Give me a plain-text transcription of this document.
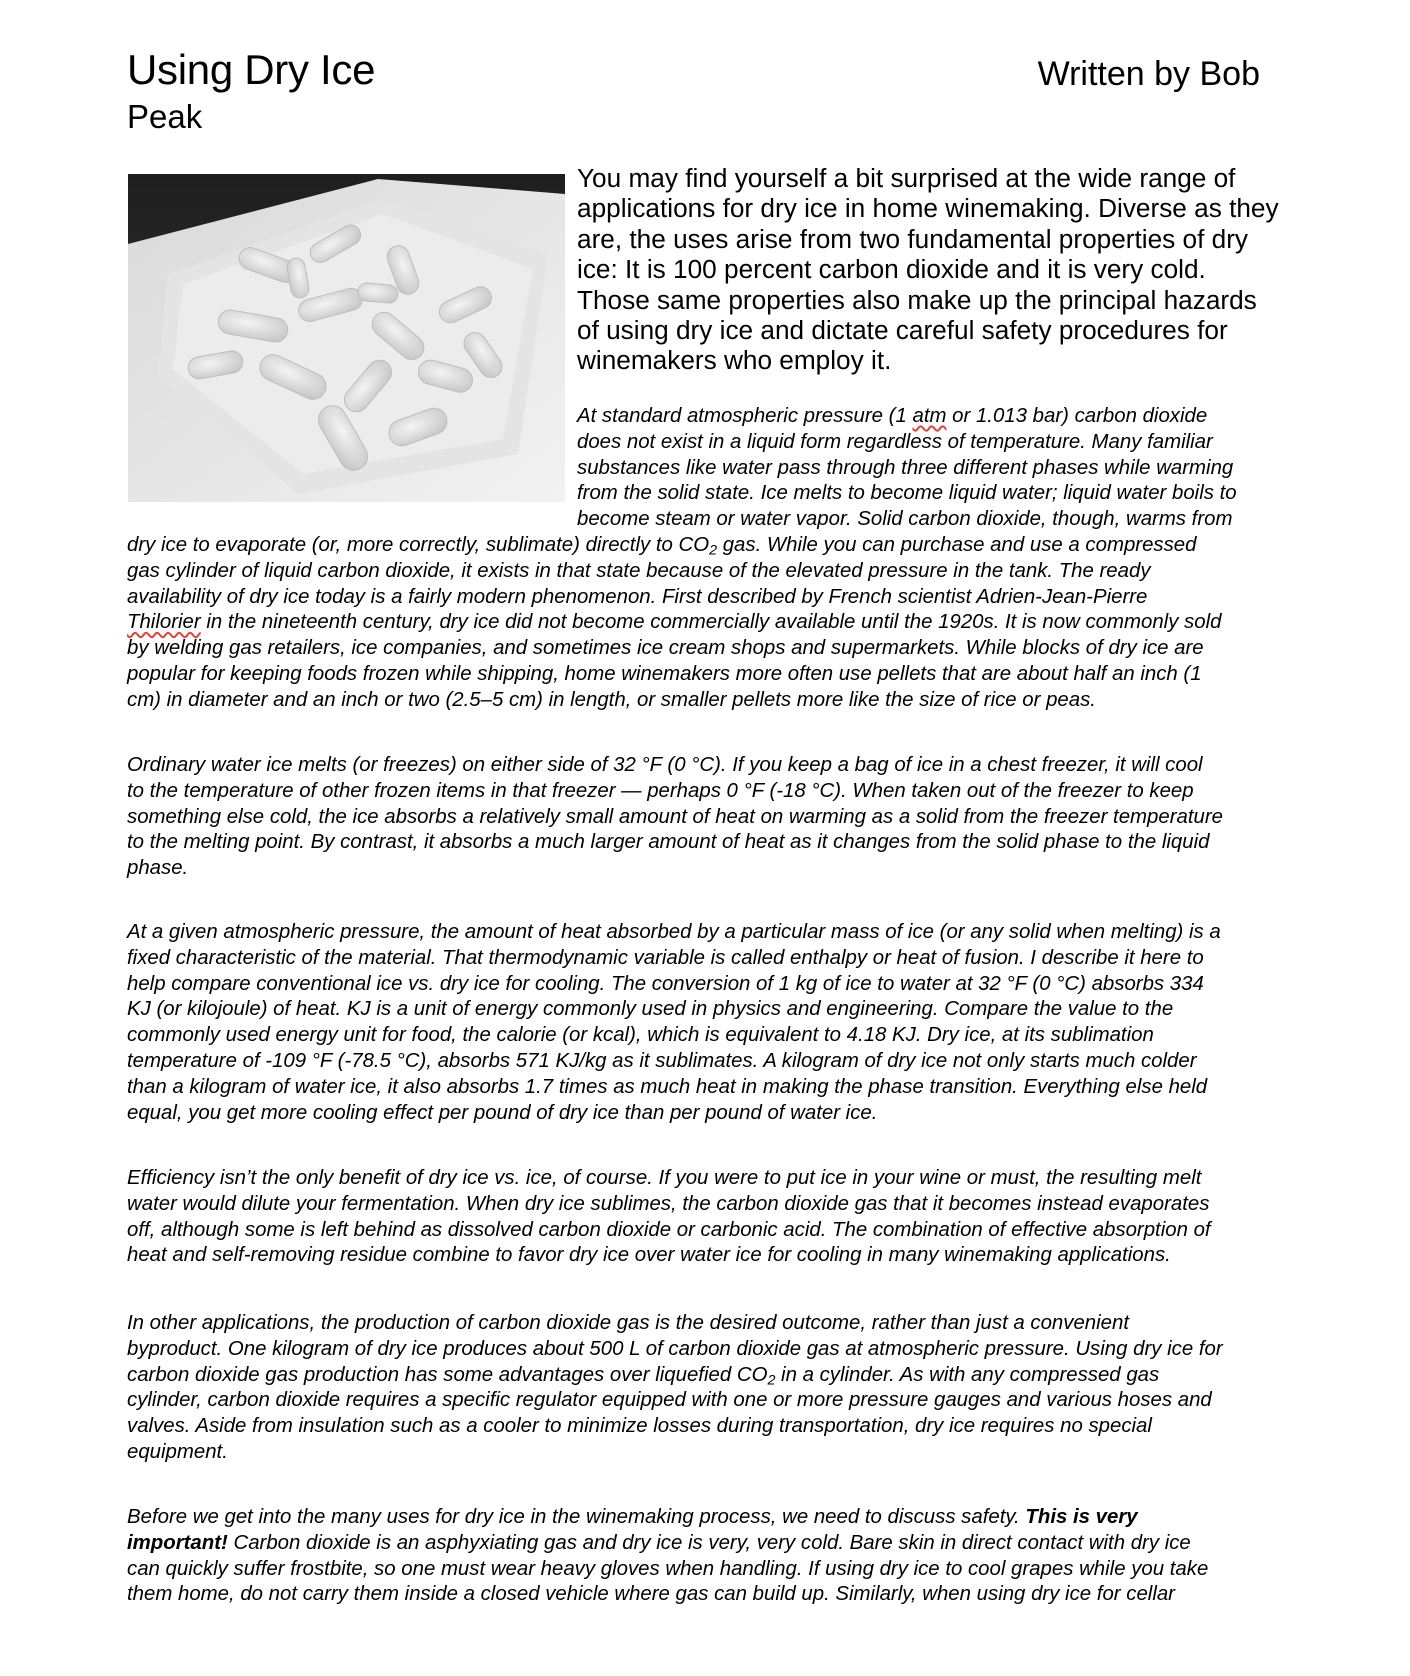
Using Dry Ice
Peak
Written by Bob
You may find yourself a bit surprised at the wide range of
applications for dry ice in home winemaking. Diverse as they
are, the uses arise from two fundamental properties of dry
ice: It is 100 percent carbon dioxide and it is very cold.
Those same properties also make up the principal hazards
of using dry ice and dictate careful safety procedures for
winemakers who employ it.

At standard atmospheric pressure (1 atm or 1.013 bar) carbon dioxide
does not exist in a liquid form regardless of temperature. Many familiar
substances like water pass through three different phases while warming
from the solid state. Ice melts to become liquid water; liquid water boils to
become steam or water vapor. Solid carbon dioxide, though, warms from

dry ice to evaporate (or, more correctly, sublimate) directly to $CO_2$ gas. While you can purchase and use a compressed
gas cylinder of liquid carbon dioxide, it exists in that state because of the elevated pressure in the tank. The ready
availability of dry ice today is a fairly modern phenomenon. First described by French scientist Adrien-Jean-Pierre
Thilorier in the nineteenth century, dry ice did not become commercially available until the 1920s. It is now commonly sold
by welding gas retailers, ice companies, and sometimes ice cream shops and supermarkets. While blocks of dry ice are
popular for keeping foods frozen while shipping, home winemakers more often use pellets that are about half an inch (1
cm) in diameter and an inch or two (2.5–5 cm) in length, or smaller pellets more like the size of rice or peas.

Ordinary water ice melts (or freezes) on either side of 32 °F (0 °C). If you keep a bag of ice in a chest freezer, it will cool
to the temperature of other frozen items in that freezer — perhaps 0 °F (-18 °C). When taken out of the freezer to keep
something else cold, the ice absorbs a relatively small amount of heat on warming as a solid from the freezer temperature
to the melting point. By contrast, it absorbs a much larger amount of heat as it changes from the solid phase to the liquid
phase.

At a given atmospheric pressure, the amount of heat absorbed by a particular mass of ice (or any solid when melting) is a
fixed characteristic of the material. That thermodynamic variable is called enthalpy or heat of fusion. I describe it here to
help compare conventional ice vs. dry ice for cooling. The conversion of 1 kg of ice to water at 32 °F (0 °C) absorbs 334
KJ (or kilojoule) of heat. KJ is a unit of energy commonly used in physics and engineering. Compare the value to the
commonly used energy unit for food, the calorie (or kcal), which is equivalent to 4.18 KJ. Dry ice, at its sublimation
temperature of -109 °F (-78.5 °C), absorbs 571 KJ/kg as it sublimates. A kilogram of dry ice not only starts much colder
than a kilogram of water ice, it also absorbs 1.7 times as much heat in making the phase transition. Everything else held
equal, you get more cooling effect per pound of dry ice than per pound of water ice.

Efficiency isn’t the only benefit of dry ice vs. ice, of course. If you were to put ice in your wine or must, the resulting melt
water would dilute your fermentation. When dry ice sublimes, the carbon dioxide gas that it becomes instead evaporates
off, although some is left behind as dissolved carbon dioxide or carbonic acid. The combination of effective absorption of
heat and self-removing residue combine to favor dry ice over water ice for cooling in many winemaking applications.

In other applications, the production of carbon dioxide gas is the desired outcome, rather than just a convenient
byproduct. One kilogram of dry ice produces about 500 L of carbon dioxide gas at atmospheric pressure. Using dry ice for
carbon dioxide gas production has some advantages over liquefied $CO_2$ in a cylinder. As with any compressed gas
cylinder, carbon dioxide requires a specific regulator equipped with one or more pressure gauges and various hoses and
valves. Aside from insulation such as a cooler to minimize losses during transportation, dry ice requires no special
equipment.

Before we get into the many uses for dry ice in the winemaking process, we need to discuss safety. This is very
important! Carbon dioxide is an asphyxiating gas and dry ice is very, very cold. Bare skin in direct contact with dry ice
can quickly suffer frostbite, so one must wear heavy gloves when handling. If using dry ice to cool grapes while you take
them home, do not carry them inside a closed vehicle where gas can build up. Similarly, when using dry ice for cellar
